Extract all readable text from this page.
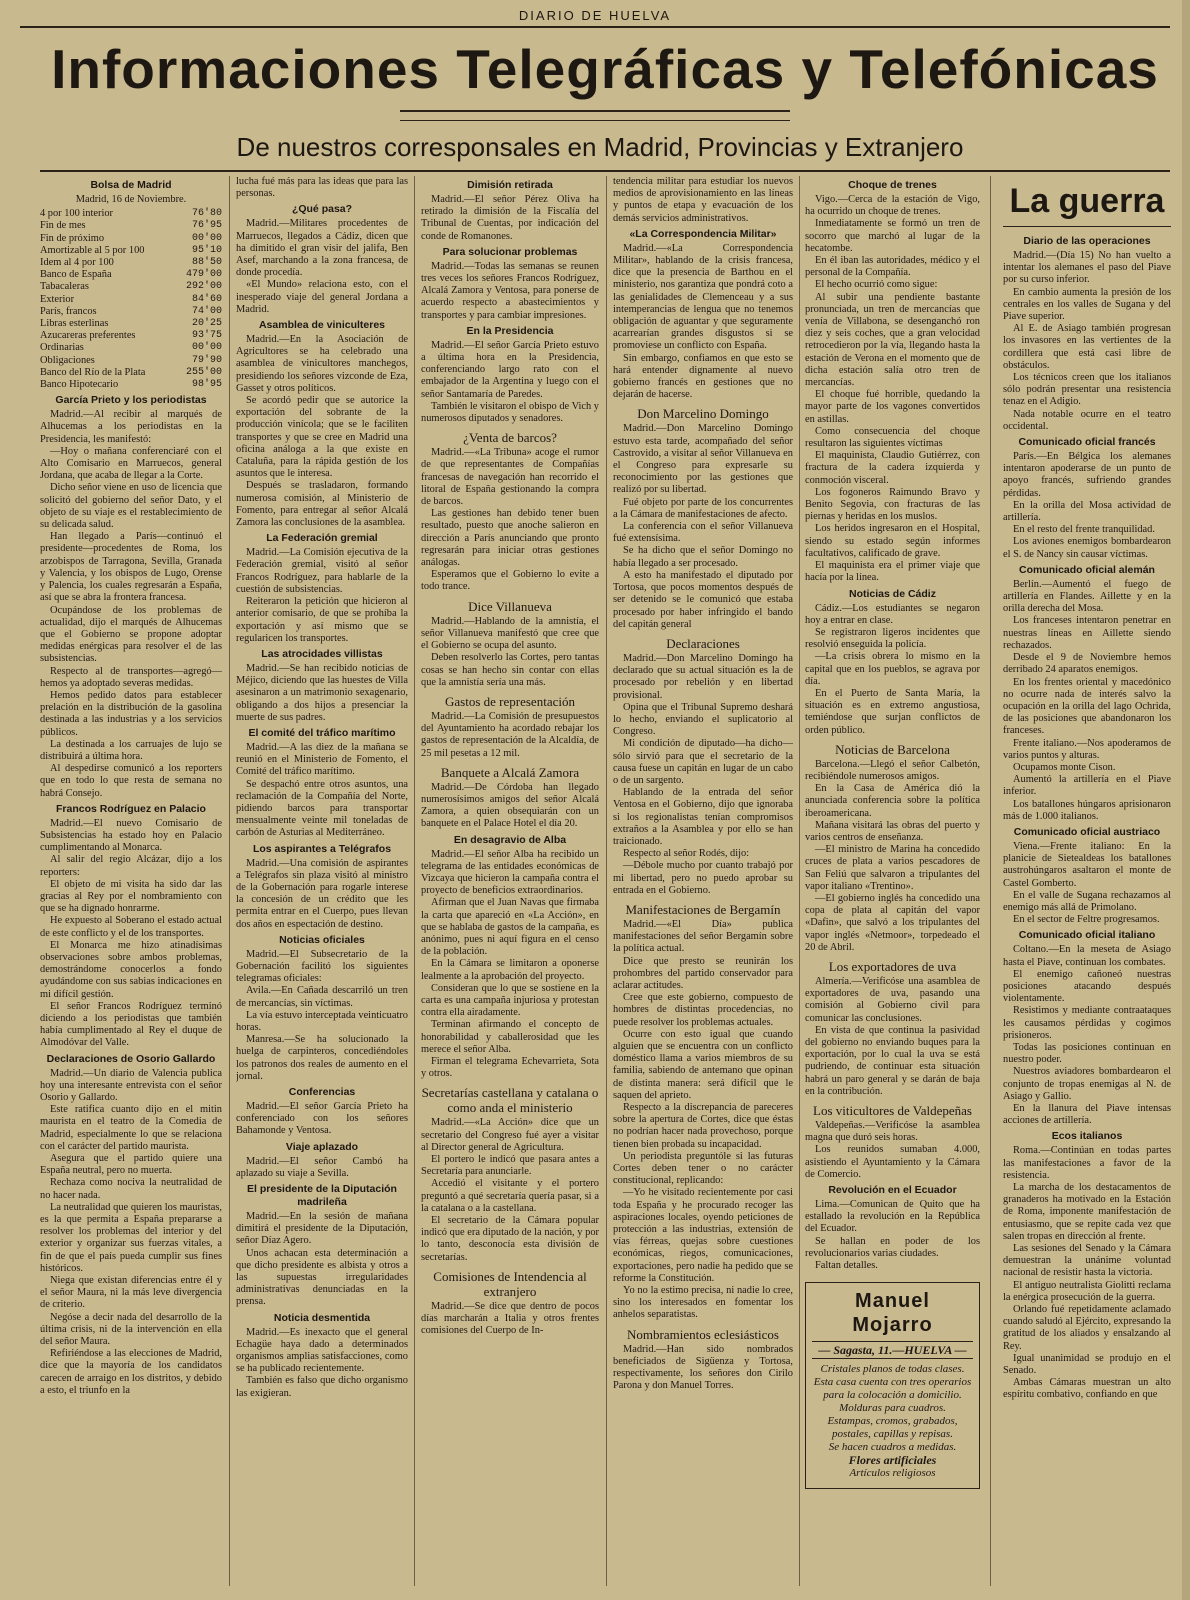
DIARIO DE HUELVA
Informaciones Telegráficas y Telefónicas
De nuestros corresponsales en Madrid, Provincias y Extranjero
Bolsa de Madrid

Madrid, 16 de Noviembre.

4 por 100 interior	76'80
Fin de mes	76'95
Fin de próximo	00'00
Amortizable al 5 por 100	95'10
Idem al 4 por 100	88'50
Banco de España	479'00
Tabacaleras	292'00
Exterior	84'60
París, francos	74'00
Libras esterlinas	20'25
Azucareras preferentes	93'75
Ordinarias	00'00
Obligaciones	79'90
Banco del Río de la Plata	255'00
Banco Hipotecario	98'95
García Prieto y los periodistas

Madrid.—Al recibir al marqués de Alhucemas a los periodistas en la Presidencia, les manifestó:

—Hoy o mañana conferenciaré con el Alto Comisario en Marruecos, general Jordana, que acaba de llegar a la Corte.

Dicho señor viene en uso de licencia que solicitó del gobierno del señor Dato, y el objeto de su viaje es el restablecimiento de su delicada salud.

Han llegado a París—continuó el presidente—procedentes de Roma, los arzobispos de Tarragona, Sevilla, Granada y Valencia, y los obispos de Lugo, Orense y Palencia, los cuales regresarán a España, así que se abra la frontera francesa.

Ocupándose de los problemas de actualidad, dijo el marqués de Alhucemas que el Gobierno se propone adoptar medidas enérgicas para resolver el de las subsistencias.

Respecto al de transportes—agregó—hemos ya adoptado severas medidas.

Hemos pedido datos para establecer prelación en la distribución de la gasolina destinada a las industrias y a los servicios públicos.

La destinada a los carruajes de lujo se distribuirá a última hora.

Al despedirse comunicó a los reporters que en todo lo que resta de semana no habrá Consejo.

Francos Rodríguez en Palacio

Madrid.—El nuevo Comisario de Subsistencias ha estado hoy en Palacio cumplimentando al Monarca.

Al salir del regio Alcázar, dijo a los reporters:

El objeto de mi visita ha sido dar las gracias al Rey por el nombramiento con que se ha dignado honrarme.

He expuesto al Soberano el estado actual de este conflicto y el de los transportes.

El Monarca me hizo atinadísimas observaciones sobre ambos problemas, demostrándome conocerlos a fondo ayudándome con sus sabias indicaciones en mi difícil gestión.

El señor Francos Rodríguez terminó diciendo a los periodistas que también había cumplimentado al Rey el duque de Almodóvar del Valle.

Declaraciones de Osorio Gallardo

Madrid.—Un diario de Valencia publica hoy una interesante entrevista con el señor Osorio y Gallardo.

Este ratifica cuanto dijo en el mitin maurista en el teatro de la Comedia de Madrid, especialmente lo que se relaciona con el carácter del partido maurista.

Asegura que el partido quiere una España neutral, pero no muerta.

Rechaza como nociva la neutralidad de no hacer nada.

La neutralidad que quieren los mauristas, es la que permita a España prepararse a resolver los problemas del interior y del exterior y organizar sus fuerzas vitales, a fin de que el país pueda cumplir sus fines históricos.

Niega que existan diferencias entre él y el señor Maura, ni la más leve divergencia de criterio.

Negóse a decir nada del desarrollo de la última crisis, ni de la intervención en ella del señor Maura.

Refiriéndose a las elecciones de Madrid, dice que la mayoría de los candidatos carecen de arraigo en los distritos, y debido a esto, el triunfo en la

lucha fué más para las ideas que para las personas.

¿Qué pasa?

Madrid.—Militares procedentes de Marruecos, llegados a Cádiz, dicen que ha dimitido el gran visir del jalifa, Ben Asef, marchando a la zona francesa, de donde procedía.

«El Mundo» relaciona esto, con el inesperado viaje del general Jordana a Madrid.

Asamblea de viniculteres

Madrid.—En la Asociación de Agricultores se ha celebrado una asamblea de vinicultores manchegos, presidiendo los señores vizconde de Eza, Gasset y otros políticos.

Se acordó pedir que se autorice la exportación del sobrante de la producción vinícola; que se le faciliten transportes y que se cree en Madrid una oficina análoga a la que existe en Cataluña, para la rápida gestión de los asuntos que le interesa.

Después se trasladaron, formando numerosa comisión, al Ministerio de Fomento, para entregar al señor Alcalá Zamora las conclusiones de la asamblea.

La Federación gremial

Madrid.—La Comisión ejecutiva de la Federación gremial, visitó al señor Francos Rodríguez, para hablarle de la cuestión de subsistencias.

Reiteraron la petición que hicieron al anterior comisario, de que se prohíba la exportación y así mismo que se regularicen los transportes.

Las atrocidades villistas

Madrid.—Se han recibido noticias de Méjico, diciendo que las huestes de Villa asesinaron a un matrimonio sexagenario, obligando a dos hijos a presenciar la muerte de sus padres.

El comité del tráfico marítimo

Madrid.—A las diez de la mañana se reunió en el Ministerio de Fomento, el Comité del tráfico marítimo.

Se despachó entre otros asuntos, una reclamación de la Compañía del Norte, pidiendo barcos para transportar mensualmente veinte mil toneladas de carbón de Asturias al Mediterráneo.

Los aspirantes a Telégrafos

Madrid.—Una comisión de aspirantes a Telégrafos sin plaza visitó al ministro de la Gobernación para rogarle interese la concesión de un crédito que les permita entrar en el Cuerpo, pues llevan dos años en espectación de destino.

Noticias oficiales

Madrid.—El Subsecretario de la Gobernación facilitó los siguientes telegramas oficiales:

Avila.—En Cañada descarriló un tren de mercancías, sin víctimas.

La vía estuvo interceptada veinticuatro horas.

Manresa.—Se ha solucionado la huelga de carpinteros, concediéndoles los patronos dos reales de aumento en el jornal.

Conferencias

Madrid.—El señor García Prieto ha conferenciado con los señores Bahamonde y Ventosa.

Viaje aplazado

Madrid.—El señor Cambó ha aplazado su viaje a Sevilla.

El presidente de la Diputación madrileña

Madrid.—En la sesión de mañana dimitirá el presidente de la Diputación, señor Díaz Agero.

Unos achacan esta determinación a que dicho presidente es albista y otros a las supuestas irregularidades administrativas denunciadas en la prensa.

Noticia desmentida

Madrid.—Es inexacto que el general Echagüe haya dado a determinados organismos amplias satisfacciones, como se ha publicado recientemente.

También es falso que dicho organismo las exigieran.

Dimisión retirada

Madrid.—El señor Pérez Oliva ha retirado la dimisión de la Fiscalía del Tribunal de Cuentas, por indicación del conde de Romanones.

Para solucionar problemas

Madrid.—Todas las semanas se reunen tres veces los señores Francos Rodríguez, Alcalá Zamora y Ventosa, para ponerse de acuerdo respecto a abastecimientos y transportes y para cambiar impresiones.

En la Presidencia

Madrid.—El señor García Prieto estuvo a última hora en la Presidencia, conferenciando largo rato con el embajador de la Argentina y luego con el señor Santamaría de Paredes.

También le visitaron el obispo de Vich y numerosos diputados y senadores.

¿Venta de barcos?

Madrid.—«La Tribuna» acoge el rumor de que representantes de Compañías francesas de navegación han recorrido el litoral de España gestionando la compra de barcos.

Las gestiones han debido tener buen resultado, puesto que anoche salieron en dirección a París anunciando que pronto regresarán para iniciar otras gestiones análogas.

Esperamos que el Gobierno lo evite a todo trance.

Dice Villanueva

Madrid.—Hablando de la amnistía, el señor Villanueva manifestó que cree que el Gobierno se ocupa del asunto.

Deben resolverlo las Cortes, pero tantas cosas se han hecho sin contar con ellas que la amnistía sería una más.

Gastos de representación

Madrid.—La Comisión de presupuestos del Ayuntamiento ha acordado rebajar los gastos de representación de la Alcaldía, de 25 mil pesetas a 12 mil.

Banquete a Alcalá Zamora

Madrid.—De Córdoba han llegado numerosísimos amigos del señor Alcalá Zamora, a quien obsequiarán con un banquete en el Palace Hotel el día 20.

En desagravio de Alba

Madrid.—El señor Alba ha recibido un telegrama de las entidades económicas de Vizcaya que hicieron la campaña contra el proyecto de beneficios extraordinarios.

Afirman que el Juan Navas que firmaba la carta que apareció en «La Acción», en que se hablaba de gastos de la campaña, es anónimo, pues ni aquí figura en el censo de la población.

En la Cámara se limitaron a oponerse lealmente a la aprobación del proyecto.

Consideran que lo que se sostiene en la carta es una campaña injuriosa y protestan contra ella airadamente.

Terminan afirmando el concepto de honorabilidad y caballerosidad que les merece el señor Alba.

Firman el telegrama Echevarrieta, Sota y otros.

Secretarías castellana y catalana o como anda el ministerio

Madrid.—«La Acción» dice que un secretario del Congreso fué ayer a visitar al Director general de Agricultura.

El portero le indicó que pasara antes a Secretaría para anunciarle.

Accedió el visitante y el portero preguntó a qué secretaría quería pasar, si a la catalana o a la castellana.

El secretario de la Cámara popular indicó que era diputado de la nación, y por lo tanto, desconocía esta división de secretarías.

Comisiones de Intendencia al extranjero

Madrid.—Se dice que dentro de pocos días marcharán a Italia y otros frentes comisiones del Cuerpo de In-

tendencia militar para estudiar los nuevos medios de aprovisionamiento en las líneas y puntos de etapa y evacuación de los demás servicios administrativos.

«La Correspondencia Militar»

Madrid.—«La Correspondencia Militar», hablando de la crisis francesa, dice que la presencia de Barthou en el ministerio, nos garantiza que pondrá coto a las genialidades de Clemenceau y a sus intemperancias de lengua que no tenemos obligación de aguantar y que seguramente acarrearían grandes disgustos si se promoviese un conflicto con España.

Sin embargo, confiamos en que esto se hará entender dignamente al nuevo gobierno francés en gestiones que no dejarán de hacerse.

Don Marcelino Domingo

Madrid.—Don Marcelino Domingo estuvo esta tarde, acompañado del señor Castrovido, a visitar al señor Villanueva en el Congreso para expresarle su reconocimiento por las gestiones que realizó por su libertad.

Fué objeto por parte de los concurrentes a la Cámara de manifestaciones de afecto.

La conferencia con el señor Villanueva fué extensísima.

Se ha dicho que el señor Domingo no había llegado a ser procesado.

A esto ha manifestado el diputado por Tortosa, que pocos momentos después de ser detenido se le comunicó que estaba procesado por haber infringido el bando del capitán general

Declaraciones

Madrid.—Don Marcelino Domingo ha declarado que su actual situación es la de procesado por rebelión y en libertad provisional.

Opina que el Tribunal Supremo deshará lo hecho, enviando el suplicatorio al Congreso.

Mi condición de diputado—ha dicho—sólo sirvió para que el secretario de la causa fuese un capitán en lugar de un cabo o de un sargento.

Hablando de la entrada del señor Ventosa en el Gobierno, dijo que ignoraba si los regionalistas tenían compromisos extraños a la Asamblea y por ello se han traicionado.

Respecto al señor Rodés, dijo:

—Débole mucho por cuanto trabajó por mi libertad, pero no puedo aprobar su entrada en el Gobierno.

Manifestaciones de Bergamín

Madrid.—«El Día» publica manifestaciones del señor Bergamín sobre la política actual.

Dice que presto se reunirán los prohombres del partido conservador para aclarar actitudes.

Cree que este gobierno, compuesto de hombres de distintas procedencias, no puede resolver los problemas actuales.

Ocurre con esto igual que cuando alguien que se encuentra con un conflicto doméstico llama a varios miembros de su familia, sabiendo de antemano que opinan de distinta manera: será difícil que le saquen del aprieto.

Respecto a la discrepancia de pareceres sobre la apertura de Cortes, dice que éstas no podrían hacer nada provechoso, porque tienen bien probada su incapacidad.

Un periodista preguntóle si las futuras Cortes deben tener o no carácter constitucional, replicando:

—Yo he visitado recientemente por casi toda España y he procurado recoger las aspiraciones locales, oyendo peticiones de protección a las industrias, extensión de vías férreas, quejas sobre cuestiones económicas, riegos, comunicaciones, exportaciones, pero nadie ha pedido que se reforme la Constitución.

Yo no la estimo precisa, ni nadie lo cree, sino los interesados en fomentar los anhelos separatistas.

Nombramientos eclesiásticos

Madrid.—Han sido nombrados beneficiados de Sigüenza y Tortosa, respectivamente, los señores don Cirilo Parona y don Manuel Torres.

Choque de trenes

Vigo.—Cerca de la estación de Vigo, ha ocurrido un choque de trenes.

Inmediatamente se formó un tren de socorro que marchó al lugar de la hecatombe.

En él iban las autoridades, médico y el personal de la Compañía.

El hecho ocurrió como sigue:

Al subir una pendiente bastante pronunciada, un tren de mercancías que venía de Villabona, se desenganchó ron diez y seis coches, que a gran velocidad retrocedieron por la vía, llegando hasta la estación de Verona en el momento que de dicha estación salía otro tren de mercancías.

El choque fué horrible, quedando la mayor parte de los vagones convertidos en astillas.

Como consecuencia del choque resultaron las siguientes víctimas

El maquinista, Claudio Gutiérrez, con fractura de la cadera izquierda y conmoción visceral.

Los fogoneros Raimundo Bravo y Benito Segovia, con fracturas de las piernas y heridas en los muslos.

Los heridos ingresaron en el Hospital, siendo su estado según informes facultativos, calificado de grave.

El maquinista era el primer viaje que hacía por la línea.

Noticias de Cádiz

Cádiz.—Los estudiantes se negaron hoy a entrar en clase.

Se registraron ligeros incidentes que resolvió enseguida la policía.

—La crisis obrera lo mismo en la capital que en los pueblos, se agrava por día.

En el Puerto de Santa María, la situación es en extremo angustiosa, temiéndose que surjan conflictos de orden público.

Noticias de Barcelona

Barcelona.—Llegó el señor Calbetón, recibiéndole numerosos amigos.

En la Casa de América dió la anunciada conferencia sobre la política iberoamericana.

Mañana visitará las obras del puerto y varios centros de enseñanza.

—El ministro de Marina ha concedido cruces de plata a varios pescadores de San Feliú que salvaron a tripulantes del vapor italiano «Trentino».

—El gobierno inglés ha concedido una copa de plata al capitán del vapor «Dafin», que salvó a los tripulantes del vapor inglés «Netmoor», torpedeado el 20 de Abril.

Los exportadores de uva

Almería.—Verificóse una asamblea de exportadores de uva, pasando una comisión al Gobierno civil para comunicar las conclusiones.

En vista de que continua la pasividad del gobierno no enviando buques para la exportación, por lo cual la uva se está pudriendo, de continuar esta situación habrá un paro general y se darán de baja en la contribución.

Los viticultores de Valdepeñas

Valdepeñas.—Verificóse la asamblea magna que duró seis horas.

Los reunidos sumaban 4.000, asistiendo el Ayuntamiento y la Cámara de Comercio.

Revolución en el Ecuador

Lima.—Comunican de Quito que ha estallado la revolución en la República del Ecuador.

Se hallan en poder de los revolucionarios varias ciudades.

Faltan detalles.

Manuel Mojarro
— Sagasta, 11.—HUELVA —

Cristales planos de todas clases.

Esta casa cuenta con tres operarios para la colocación a domicilio.

Molduras para cuadros.

Estampas, cromos, grabados, postales, capillas y repisas.

Se hacen cuadros a medidas.

Flores artificiales

Artículos religiosos

La guerra
Diario de las operaciones

Madrid.—(Día 15) No han vuelto a intentar los alemanes el paso del Piave por su curso inferior.

En cambio aumenta la presión de los centrales en los valles de Sugana y del Piave superior.

Al E. de Asiago también progresan los invasores en las vertientes de la cordillera que está casi libre de obstáculos.

Los técnicos creen que los italianos sólo podrán presentar una resistencia tenaz en el Adigio.

Nada notable ocurre en el teatro occidental.

Comunicado oficial francés

París.—En Bélgica los alemanes intentaron apoderarse de un punto de apoyo francés, sufriendo grandes pérdidas.

En la orilla del Mosa actividad de artillería.

En el resto del frente tranquilidad.

Los aviones enemigos bombardearon el S. de Nancy sin causar víctimas.

Comunicado oficial alemán

Berlín.—Aumentó el fuego de artillería en Flandes. Aillette y en la orilla derecha del Mosa.

Los franceses intentaron penetrar en nuestras líneas en Aillette siendo rechazados.

Desde el 9 de Noviembre hemos derribado 24 aparatos enemigos.

En los frentes oriental y macedónico no ocurre nada de interés salvo la ocupación en la orilla del lago Ochrida, de las posiciones que abandonaron los franceses.

Frente italiano.—Nos apoderamos de varios puntos y alturas.

Ocupamos monte Cison.

Aumentó la artillería en el Piave inferior.

Los batallones húngaros aprisionaron más de 1.000 italianos.

Comunicado oficial austriaco

Viena.—Frente italiano: En la planicie de Sietealdeas los batallones austrohúngaros asaltaron el monte de Castel Gomberto.

En el valle de Sugana rechazamos al enemigo más allá de Primolano.

En el sector de Feltre progresamos.

Comunicado oficial italiano

Coltano.—En la meseta de Asiago hasta el Piave, continuan los combates.

El enemigo cañoneó nuestras posiciones atacando después violentamente.

Resistimos y mediante contraataques les causamos pérdidas y cogimos prisioneros.

Todas las posiciones continuan en nuestro poder.

Nuestros aviadores bombardearon el conjunto de tropas enemigas al N. de Asiago y Gallio.

En la llanura del Piave intensas acciones de artillería.

Ecos italianos

Roma.—Continúan en todas partes las manifestaciones a favor de la resistencia.

La marcha de los destacamentos de granaderos ha motivado en la Estación de Roma, imponente manifestación de entusiasmo, que se repite cada vez que salen tropas en dirección al frente.

Las sesiones del Senado y la Cámara demuestran la unánime voluntad nacional de resistir hasta la victoria.

El antiguo neutralista Giolitti reclama la enérgica prosecución de la guerra.

Orlando fué repetidamente aclamado cuando saludó al Ejército, expresando la gratitud de los aliados y ensalzando al Rey.

Igual unanimidad se produjo en el Senado.

Ambas Cámaras muestran un alto espíritu combativo, confiando en que
